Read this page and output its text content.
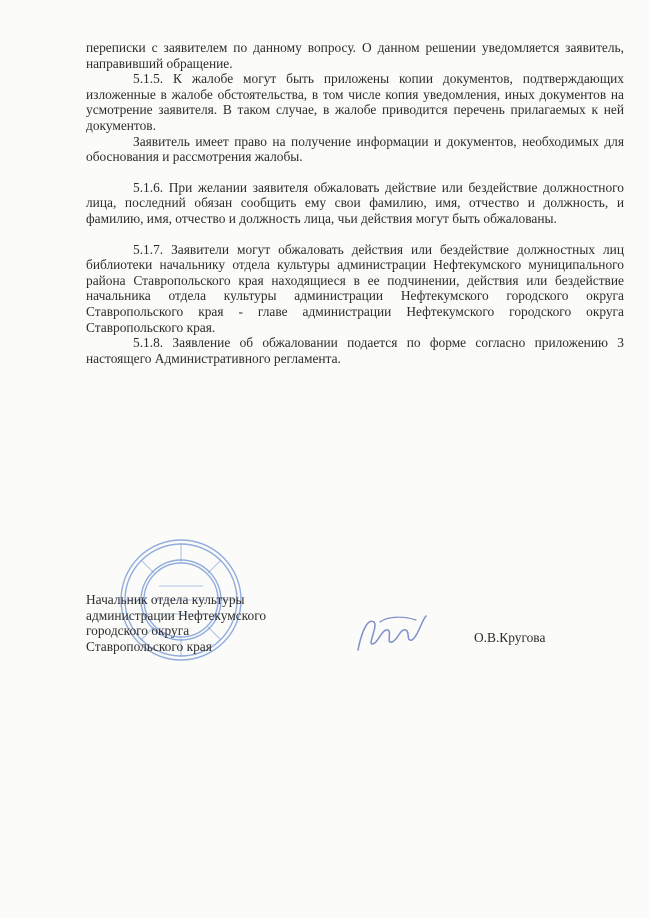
переписки с заявителем по данному вопросу. О данном решении уведомляется заявитель, направивший обращение.

5.1.5. К жалобе могут быть приложены копии документов, подтверждающих изложенные в жалобе обстоятельства, в том числе копия уведомления, иных документов на усмотрение заявителя. В таком случае, в жалобе приводится перечень прилагаемых к ней документов.

Заявитель имеет право на получение информации и документов, необходимых для обоснования и рассмотрения жалобы.

5.1.6. При желании заявителя обжаловать действие или бездействие должностного лица, последний обязан сообщить ему свои фамилию, имя, отчество и должность, и фамилию, имя, отчество и должность лица, чьи действия могут быть обжалованы.

5.1.7. Заявители могут обжаловать действия или бездействие должностных лиц библиотеки начальнику отдела культуры администрации Нефтекумского муниципального района Ставропольского края находящиеся в ее подчинении, действия или бездействие начальника отдела культуры администрации Нефтекумского городского округа Ставропольского края - главе администрации Нефтекумского городского округа Ставропольского края.

5.1.8. Заявление об обжаловании подается по форме согласно приложению 3 настоящего Административного регламента.

Начальник отдела культуры

администрации Нефтекумского

городского округа

Ставропольского края

О.В.Кругова
